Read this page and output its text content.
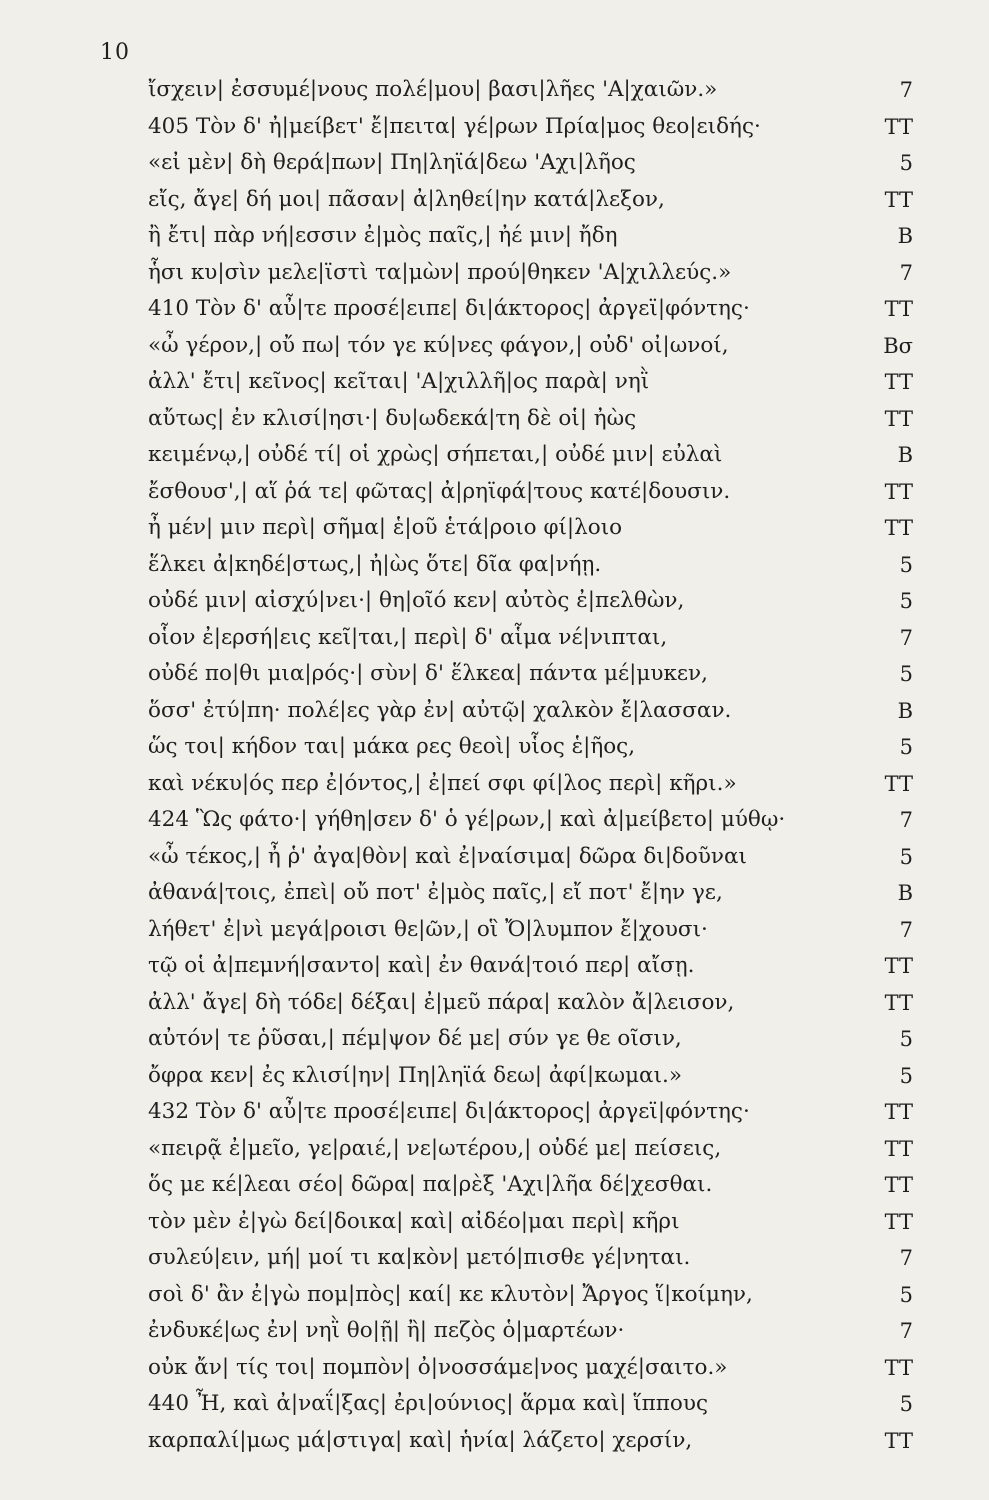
10
ἴσχειν| ἐσσυμέ|νους πολέ|μου| βασι|λῆες 'Α|χαιῶν.»	7
405 Τὸν δ' ἠ|μείβετ' ἔ|πειτα| γέ|ρων Πρία|μος θεο|ειδής·	TT
«εἰ μὲν| δὴ θερά|πων| Πη|ληϊά|δεω 'Αχι|λῆος	5
εἴς, ἄγε| δή μοι| πᾶσαν| ἀ|ληθεί|ην κατά|λεξον,	TT
ἢ ἔτι| πὰρ νή|εσσιν ἐ|μὸς παῖς,| ἠέ μιν| ἤδη	B
ἧσι κυ|σὶν μελε|ϊστὶ τα|μὼν| πρού|θηκεν 'Α|χιλλεύς.»	7
410 Τὸν δ' αὖ|τε προσέ|ειπε| δι|άκτορος| ἀργεϊ|φόντης·	TT
«ὦ γέρον,| οὔ πω| τόν γε κύ|νες φάγον,| οὐδ' οἰ|ωνοί,	Bσ
ἀλλ' ἔτι| κεῖνος| κεῖται| 'Α|χιλλῆ|ος παρὰ| νηῒ	TT
αὔτως| ἐν κλισί|ησι·| δυ|ωδεκά|τη δὲ οἱ| ἠὼς	TT
κειμένῳ,| οὐδέ τί| οἱ χρὼς| σήπεται,| οὐδέ μιν| εὐλαὶ	B
ἔσθουσ',| αἵ ῥά τε| φῶτας| ἀ|ρηϊφά|τους κατέ|δουσιν.	TT
ἦ μέν| μιν περὶ| σῆμα| ἑ|οῦ ἑτά|ροιο φί|λοιο	TT
ἕλκει ἀ|κηδέ|στως,| ἠ|ὼς ὅτε| δῖα φα|νήῃ.	5
οὐδέ μιν| αἰσχύ|νει·| θη|οῖό κεν| αὐτὸς ἐ|πελθὼν,	5
οἷον ἐ|ερσή|εις κεῖ|ται,| περὶ| δ' αἷμα νέ|νιπται,	7
οὐδέ πο|θι μια|ρός·| σὺν| δ' ἕλκεα| πάντα μέ|μυκεν,	5
ὅσσ' ἐτύ|πη· πολέ|ες γὰρ ἐν| αὐτῷ| χαλκὸν ἔ|λασσαν.	B
ὥς τοι| κήδον ται| μάκα ρες θεοὶ| υἷος ἑ|ῆος,	5
καὶ νέκυ|ός περ ἐ|όντος,| ἐ|πεί σφι φί|λος περὶ| κῆρι.»	TT
424 Ὣς φάτο·| γήθη|σεν δ' ὁ γέ|ρων,| καὶ ἀ|μείβετο| μύθῳ·	7
«ὦ τέκος,| ἦ ῥ' ἀγα|θὸν| καὶ ἐ|ναίσιμα| δῶρα δι|δοῦναι	5
ἀθανά|τοις, ἐπεὶ| οὔ ποτ' ἐ|μὸς παῖς,| εἴ ποτ' ἔ|ην γε,	B
λήθετ' ἐ|νὶ μεγά|ροισι θε|ῶν,| οἳ Ὄ|λυμπον ἔ|χουσι·	7
τῷ οἱ ἀ|πεμνή|σαντο| καὶ| ἐν θανά|τοιό περ| αἴσῃ.	TT
ἀλλ' ἄγε| δὴ τόδε| δέξαι| ἐ|μεῦ πάρα| καλὸν ἄ|λεισον,	TT
αὐτόν| τε ῥῦσαι,| πέμ|ψον δέ με| σύν γε θε οῖσιν,	5
ὄφρα κεν| ἐς κλισί|ην| Πη|ληϊά δεω| ἀφί|κωμαι.»	5
432 Τὸν δ' αὖ|τε προσέ|ειπε| δι|άκτορος| ἀργεϊ|φόντης·	TT
«πειρᾷ ἐ|μεῖο, γε|ραιέ,| νε|ωτέρου,| οὐδέ με| πείσεις,	TT
ὅς με κέ|λεαι σέο| δῶρα| πα|ρὲξ 'Αχι|λῆα δέ|χεσθαι.	TT
τὸν μὲν ἐ|γὼ δεί|δοικα| καὶ| αἰδέο|μαι περὶ| κῆρι	TT
συλεύ|ειν, μή| μοί τι κα|κὸν| μετό|πισθε γέ|νηται.	7
σοὶ δ' ἂν ἐ|γὼ πομ|πὸς| καί| κε κλυτὸν| Ἄργος ἵ|κοίμην,	5
ἐνδυκέ|ως ἐν| νηῒ θο|ῇ| ἢ| πεζὸς ὁ|μαρτέων·	7
οὐκ ἄν| τίς τοι| πομπὸν| ὀ|νοσσάμε|νος μαχέ|σαιτο.»	TT
440 Ἦ, καὶ ἀ|ναΐ|ξας| ἐρι|ούνιος| ἅρμα καὶ| ἵππους	5
καρπαλί|μως μά|στιγα| καὶ| ἡνία| λάζετο| χερσίν,	TT
